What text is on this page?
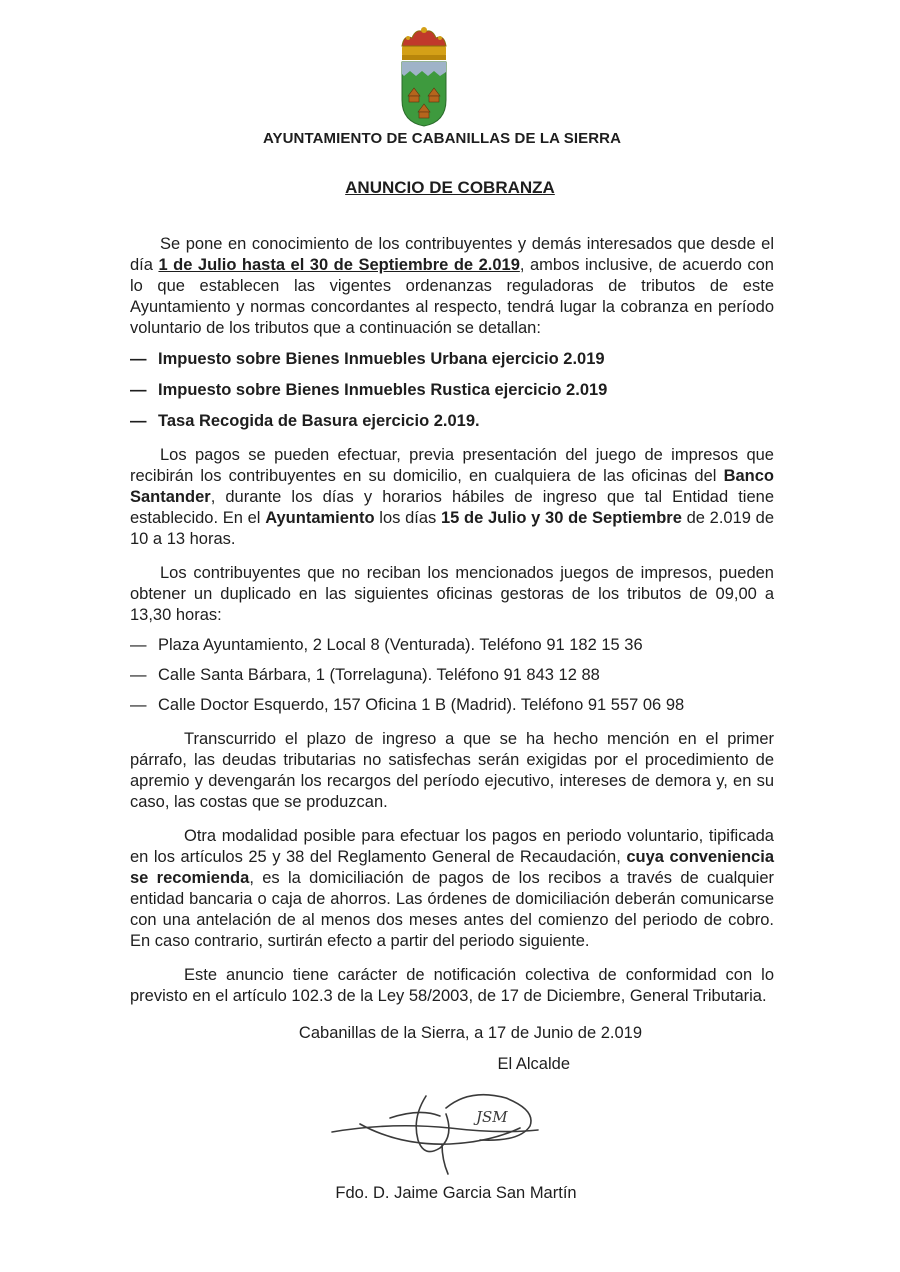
AYUNTAMIENTO DE CABANILLAS DE LA SIERRA
ANUNCIO DE COBRANZA

Se pone en conocimiento de los contribuyentes y demás interesados que desde el día 1 de Julio hasta el 30 de Septiembre de 2.019, ambos inclusive, de acuerdo con lo que establecen las vigentes ordenanzas reguladoras de tributos de este Ayuntamiento y normas concordantes al respecto, tendrá lugar la cobranza en período voluntario de los tributos que a continuación se detallan:

— Impuesto sobre Bienes Inmuebles Urbana ejercicio 2.019
— Impuesto sobre Bienes Inmuebles Rustica ejercicio 2.019
— Tasa Recogida de Basura ejercicio 2.019.

Los pagos se pueden efectuar, previa presentación del juego de impresos que recibirán los contribuyentes en su domicilio, en cualquiera de las oficinas del Banco Santander, durante los días y horarios hábiles de ingreso que tal Entidad tiene establecido. En el Ayuntamiento los días 15 de Julio y 30 de Septiembre de 2.019 de 10 a 13 horas.

Los contribuyentes que no reciban los mencionados juegos de impresos, pueden obtener un duplicado en las siguientes oficinas gestoras de los tributos de 09,00 a 13,30 horas:

— Plaza Ayuntamiento, 2 Local 8 (Venturada). Teléfono 91 182 15 36
— Calle Santa Bárbara, 1 (Torrelaguna). Teléfono 91 843 12 88
— Calle Doctor Esquerdo, 157 Oficina 1 B (Madrid). Teléfono 91 557 06 98

Transcurrido el plazo de ingreso a que se ha hecho mención en el primer párrafo, las deudas tributarias no satisfechas serán exigidas por el procedimiento de apremio y devengarán los recargos del período ejecutivo, intereses de demora y, en su caso, las costas que se produzcan.

Otra modalidad posible para efectuar los pagos en periodo voluntario, tipificada en los artículos 25 y 38 del Reglamento General de Recaudación, cuya conveniencia se recomienda, es la domiciliación de pagos de los recibos a través de cualquier entidad bancaria o caja de ahorros. Las órdenes de domiciliación deberán comunicarse con una antelación de al menos dos meses antes del comienzo del periodo de cobro. En caso contrario, surtirán efecto a partir del periodo siguiente.

Este anuncio tiene carácter de notificación colectiva de conformidad con lo previsto en el artículo 102.3 de la Ley 58/2003, de 17 de Diciembre, General Tributaria.

Cabanillas de la Sierra, a 17 de Junio de 2.019
El Alcalde
JSM
Fdo. D. Jaime Garcia San Martín
